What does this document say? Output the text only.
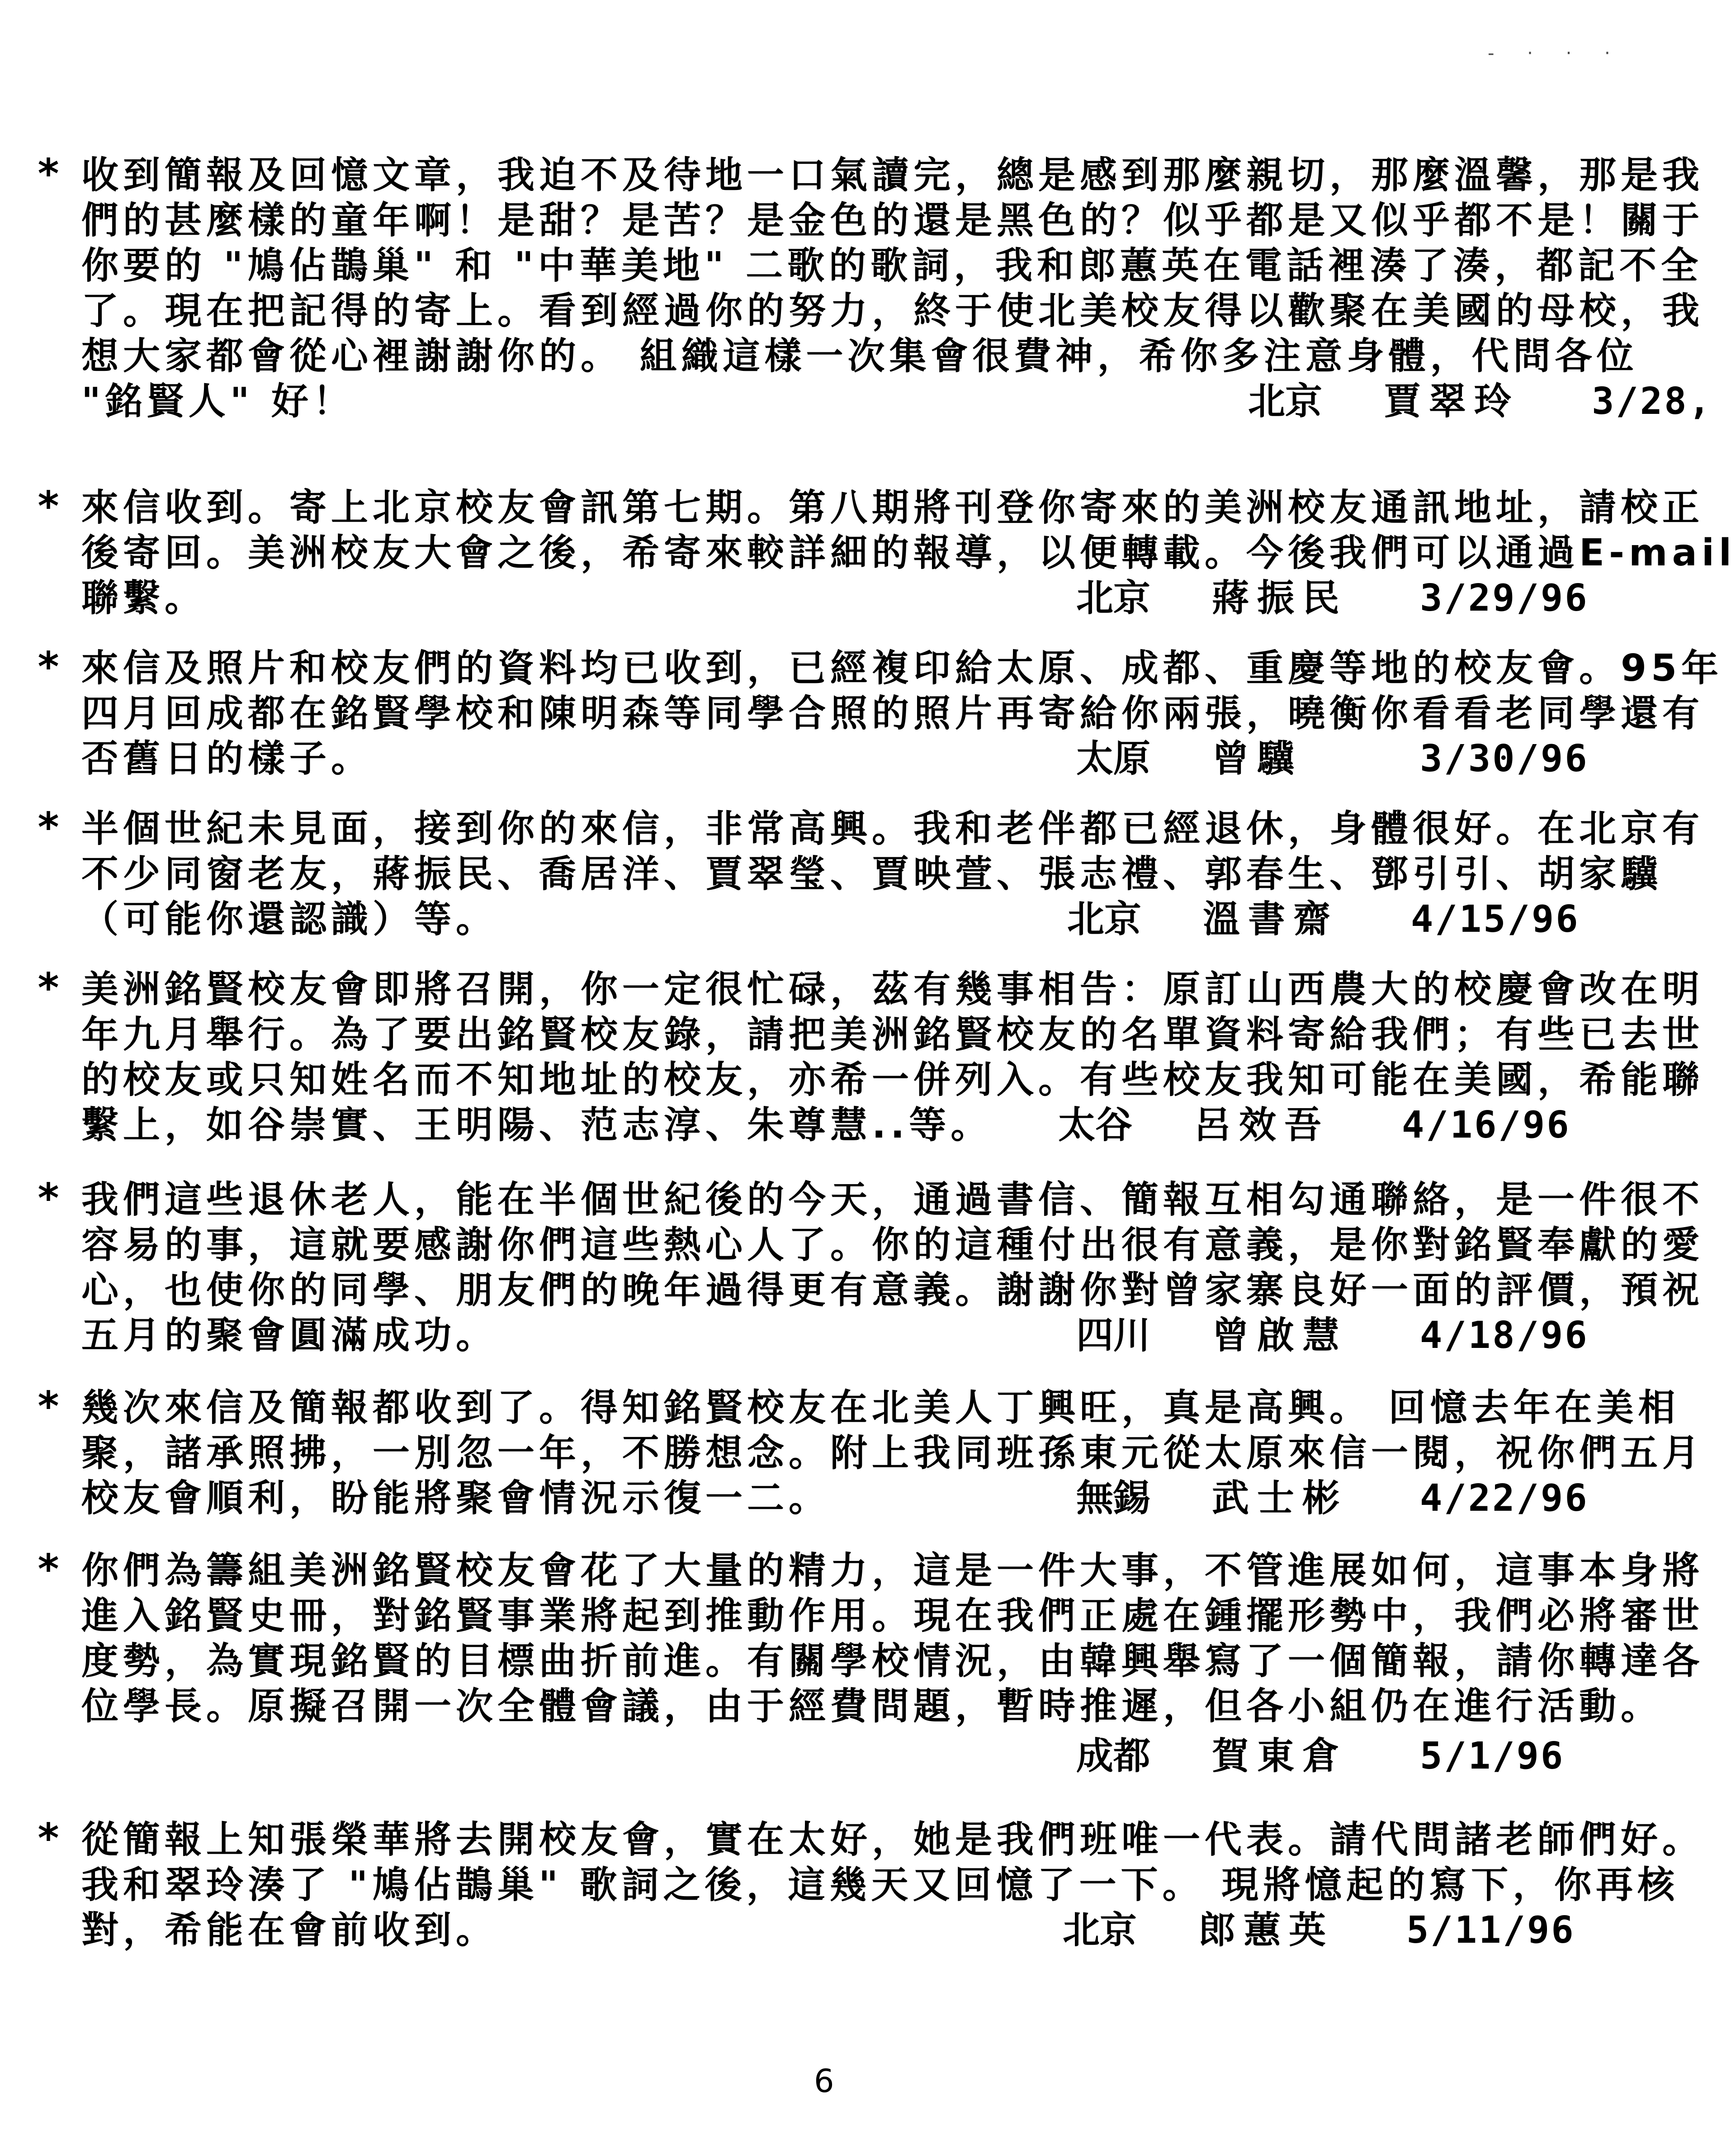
- · · ·
* 收到簡報及回憶文章，我迫不及待地一口氣讀完，總是感到那麼親切，那麼溫馨，那是我
們的甚麼樣的童年啊！是甜？是苦？是金色的還是黑色的？似乎都是又似乎都不是！關于
你要的 "鳩佔鵲巢" 和 "中華美地" 二歌的歌詞，我和郎蕙英在電話裡湊了湊，都記不全
了。現在把記得的寄上。看到經過你的努力，終于使北美校友得以歡聚在美國的母校，我
想大家都會從心裡謝謝你的。 組織這樣一次集會很費神，希你多注意身體，代問各位
"銘賢人" 好！	北京 賈翠玲 3/28,
* 來信收到。寄上北京校友會訊第七期。第八期將刊登你寄來的美洲校友通訊地址，請校正
後寄回。美洲校友大會之後，希寄來較詳細的報導，以便轉載。今後我們可以通過E-mail
聯繫。	北京 蔣振民 3/29/96
* 來信及照片和校友們的資料均已收到，已經複印給太原、成都、重慶等地的校友會。95年
四月回成都在銘賢學校和陳明森等同學合照的照片再寄給你兩張，曉衡你看看老同學還有
否舊日的樣子。	太原 曾驥	3/30/96
* 半個世紀未見面，接到你的來信，非常高興。我和老伴都已經退休，身體很好。在北京有
不少同窗老友，蔣振民、喬居洋、賈翠瑩、賈映萱、張志禮、郭春生、鄧引引、胡家驥
（可能你還認識）等。	北京 溫書齋 4/15/96
* 美洲銘賢校友會即將召開，你一定很忙碌，茲有幾事相告：原訂山西農大的校慶會改在明
年九月舉行。為了要出銘賢校友錄，請把美洲銘賢校友的名單資料寄給我們；有些已去世
的校友或只知姓名而不知地址的校友，亦希一併列入。有些校友我知可能在美國，希能聯
繫上，如谷崇實、王明陽、范志淳、朱尊慧..等。 太谷 呂效吾 4/16/96
* 我們這些退休老人，能在半個世紀後的今天，通過書信、簡報互相勾通聯絡，是一件很不
容易的事，這就要感謝你們這些熱心人了。你的這種付出很有意義，是你對銘賢奉獻的愛
心，也使你的同學、朋友們的晚年過得更有意義。謝謝你對曾家寨良好一面的評價，預祝
五月的聚會圓滿成功。	四川 曾啟慧 4/18/96
* 幾次來信及簡報都收到了。得知銘賢校友在北美人丁興旺，真是高興。 回憶去年在美相
聚，諸承照拂，一別忽一年，不勝想念。附上我同班孫東元從太原來信一閱，祝你們五月
校友會順利，盼能將聚會情況示復一二。	無錫 武士彬 4/22/96
* 你們為籌組美洲銘賢校友會花了大量的精力，這是一件大事，不管進展如何，這事本身將
進入銘賢史冊，對銘賢事業將起到推動作用。現在我們正處在鍾擺形勢中，我們必將審世
度勢，為實現銘賢的目標曲折前進。有關學校情況，由韓興舉寫了一個簡報，請你轉達各
位學長。原擬召開一次全體會議，由于經費問題，暫時推遲，但各小組仍在進行活動。
成都 賀東倉 5/1/96
* 從簡報上知張榮華將去開校友會，實在太好，她是我們班唯一代表。請代問諸老師們好。
我和翠玲湊了 "鳩佔鵲巢" 歌詞之後，這幾天又回憶了一下。 現將憶起的寫下，你再核
對，希能在會前收到。	北京 郎蕙英 5/11/96
6
